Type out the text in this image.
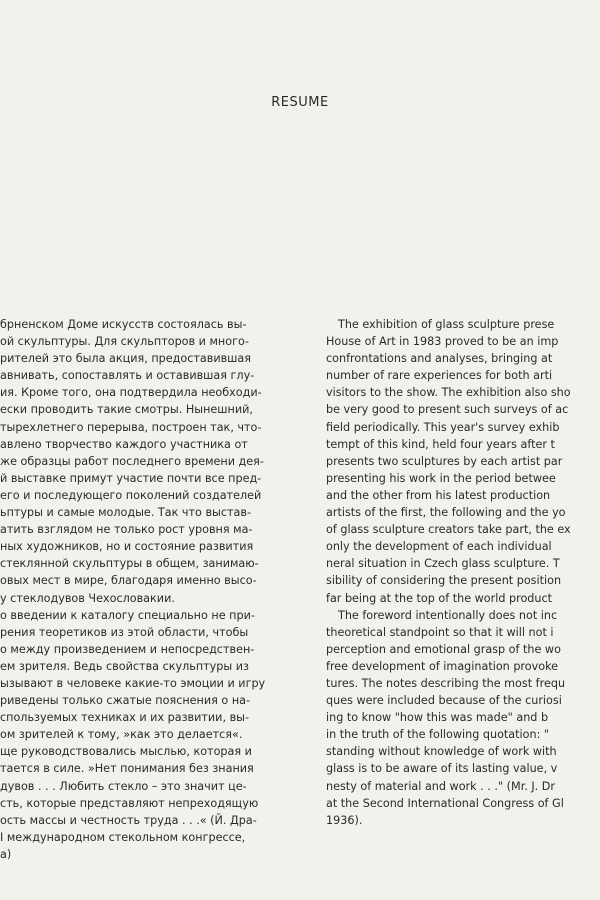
RESUME
брненском Доме искусств состоялась вы-
ой скульптуры. Для скульпторов и много-
рителей это была акция, предоставившая
авнивать, сопоставлять и оставившая глу-
ия. Кроме того, она подтвердила необходи-
ески проводить такие смотры. Нынешний,
тырехлетнего перерыва, построен так, что-
авлено творчество каждого участника от
же образцы работ последнего времени дея-
й выставке примут участие почти все пред-
его и последующего поколений создателей
ьптуры и самые молодые. Так что выстав-
атить взглядом не только рост уровня ма-
ных художников, но и состояние развития
стеклянной скульптуры в общем, занимаю-
овых мест в мире, благодаря именно высо-
у стеклодувов Чехословакии.
о введении к каталогу специально не при-
рения теоретиков из этой области, чтобы
о между произведением и непосредствен-
ем зрителя. Ведь свойства скульптуры из
ызывают в человеке какие-то эмоции и игру
риведены только сжатые пояснения о на-
спользуемых техниках и их развитии, вы-
ом зрителей к тому, »как это делается«.
ще руководствовались мыслью, которая и
тается в силе. »Нет понимания без знания
дувов . . . Любить стекло – это значит це-
сть, которые представляют непреходящую
ость массы и честность труда . . .« (Й. Дра-
I международном стекольном конгрессе,
а)
The exhibition of glass sculpture prese
House of Art in 1983 proved to be an imp
confrontations and analyses, bringing at
number of rare experiences for both arti
visitors to the show. The exhibition also sho
be very good to present such surveys of ac
field periodically. This year's survey exhib
tempt of this kind, held four years after t
presents two sculptures by each artist par
presenting his work in the period betwee
and the other from his latest production
artists of the first, the following and the yo
of glass sculpture creators take part, the ex
only the development of each individual
neral situation in Czech glass sculpture. T
sibility of considering the present position
far being at the top of the world product
The foreword intentionally does not inc
theoretical standpoint so that it will not i
perception and emotional grasp of the wo
free development of imagination provoke
tures. The notes describing the most frequ
ques were included because of the curiosi
ing to know "how this was made" and b
in the truth of the following quotation: "
standing without knowledge of work with
glass is to be aware of its lasting value, v
nesty of material and work . . ." (Mr. J. Dr
at the Second International Congress of Gl
1936).
